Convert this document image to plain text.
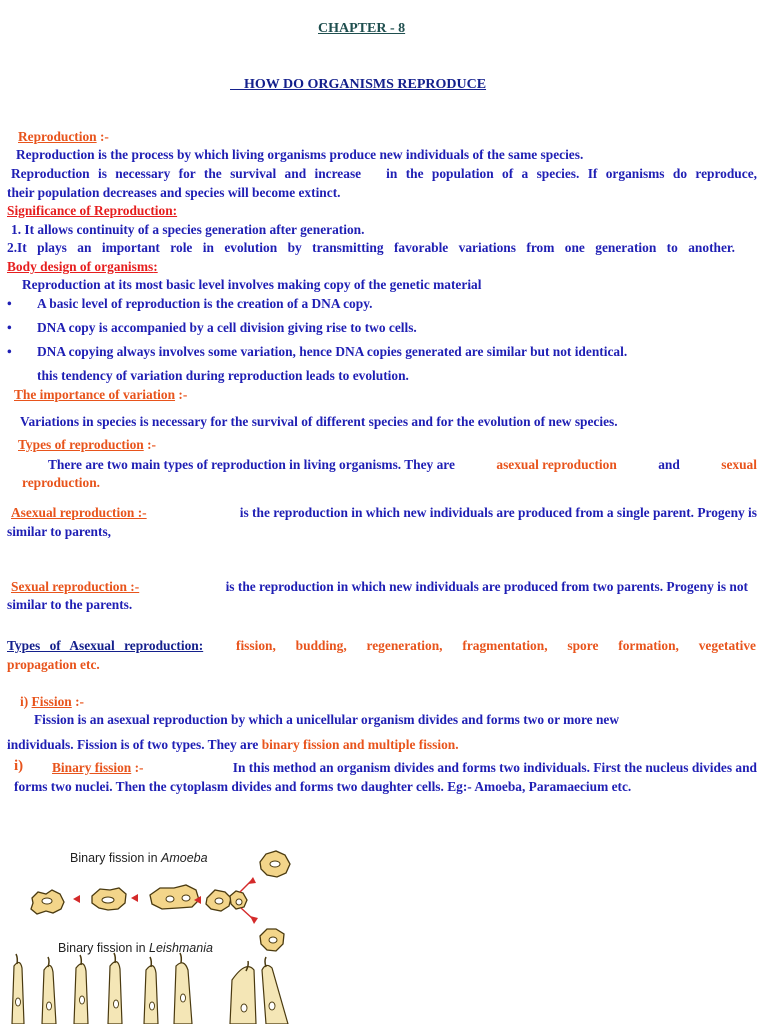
CHAPTER - 8
HOW DO ORGANISMS REPRODUCE
Reproduction :-
Reproduction is the process by which living organisms produce new individuals of the same species.
Reproduction is necessary for the survival and increase   in the population of a species. If organisms do reproduce,
their population decreases and species will become extinct.
Significance of Reproduction:
1. It allows continuity of a species generation after generation.
2.It plays an important role in evolution by transmitting favorable variations from one generation to another.
Body design of organisms:
Reproduction at its most basic level involves making copy of the genetic material
• A basic level of reproduction is the creation of a DNA copy.
• DNA copy is accompanied by a cell division giving rise to two cells.
• DNA copying always involves some variation, hence DNA copies generated are similar but not identical.
this tendency of variation during reproduction leads to evolution.
The importance of variation :-
Variations in species is necessary for the survival of different species and for the evolution of new species.
Types of reproduction :-
There are two main types of reproduction in living organisms. They are	asexual reproduction	and	sexual
reproduction.
Asexual reproduction :-	is the reproduction in which new individuals are produced from a single parent. Progeny is
similar to parents,
Sexual reproduction :-	is the reproduction in which new individuals are produced from two parents. Progeny is not
similar to the parents.
Types of Asexual reproduction: fission, budding, regeneration, fragmentation, spore formation, vegetative
propagation etc.
i) Fission :-
Fission is an asexual reproduction by which a unicellular organism divides and forms two or more new
individuals. Fission is of two types. They are binary fission and multiple fission.
i) Binary fission :-	In this method an organism divides and forms two individuals. First the nucleus divides and
forms two nuclei. Then the cytoplasm divides and forms two daughter cells. Eg:- Amoeba, Paramaecium etc.
Binary fission in Amoeba
Binary fission in Leishmania
